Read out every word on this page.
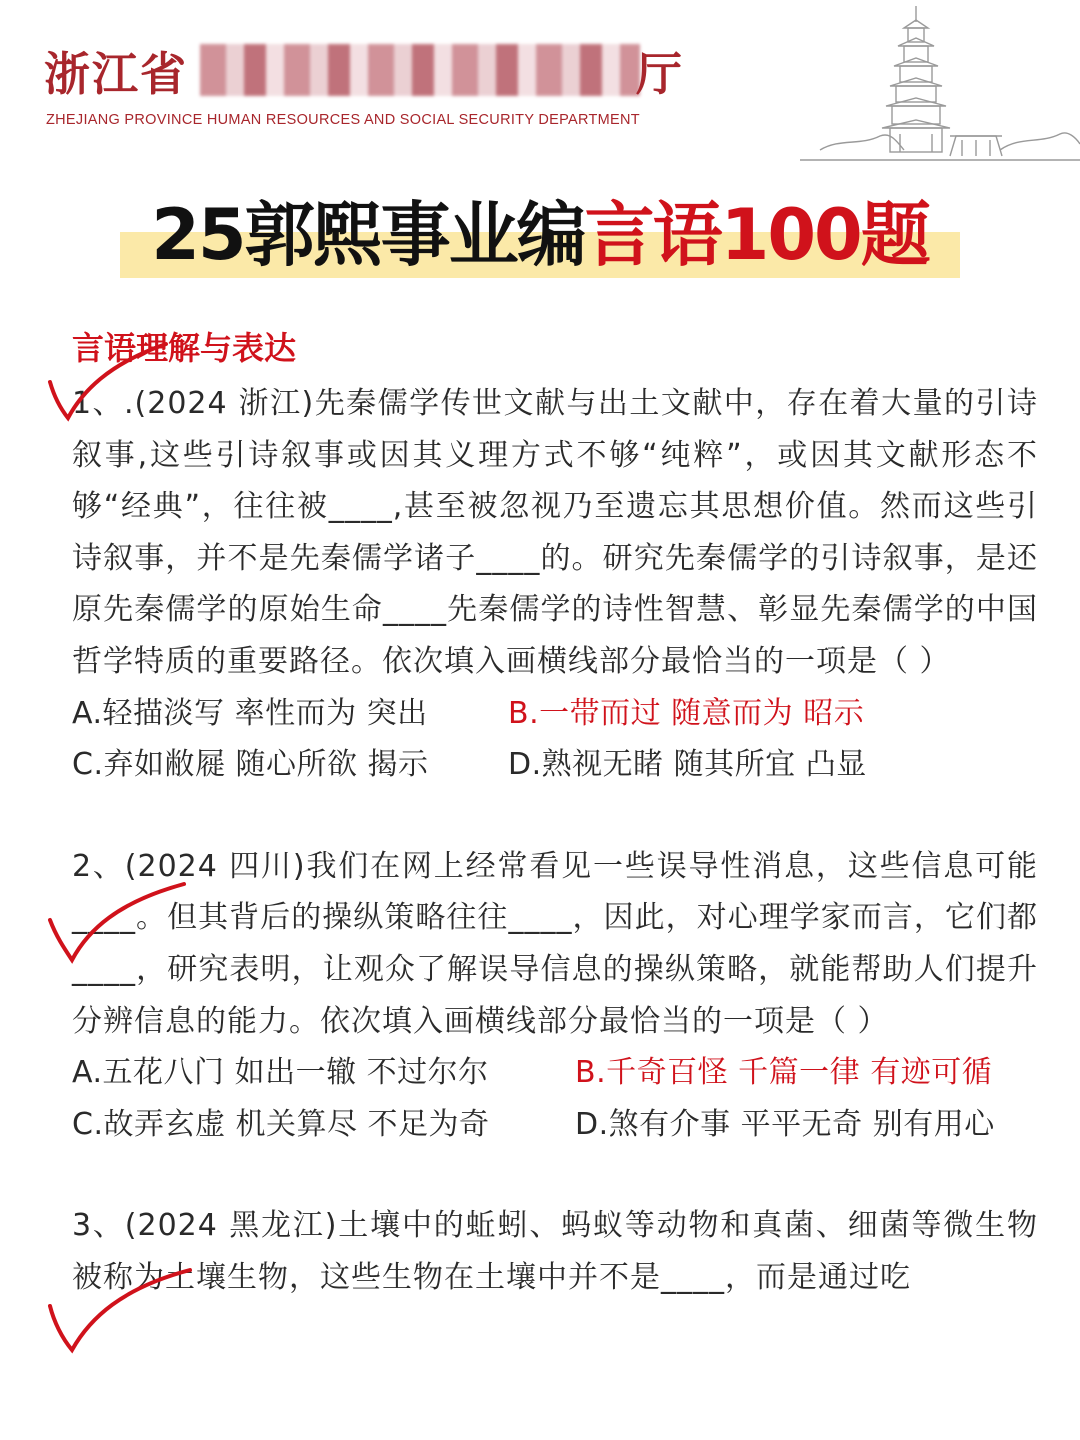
浙江省	厅
ZHEJIANG PROVINCE HUMAN RESOURCES AND SOCIAL SECURITY DEPARTMENT
25郭熙事业编言语100题
言语理解与表达
1、.(2024 浙江)先秦儒学传世文献与出土文献中，存在着大量的引诗叙事,这些引诗叙事或因其义理方式不够“纯粹”，或因其文献形态不够“经典”，往往被____,甚至被忽视乃至遗忘其思想价值。然而这些引诗叙事，并不是先秦儒学诸子____的。研究先秦儒学的引诗叙事，是还原先秦儒学的原始生命____先秦儒学的诗性智慧、彰显先秦儒学的中国哲学特质的重要路径。依次填入画横线部分最恰当的一项是（ ）
A.轻描淡写 率性而为 突出	B.一带而过 随意而为 昭示
C.弃如敝屣 随心所欲 揭示	D.熟视无睹 随其所宜 凸显
2、(2024 四川)我们在网上经常看见一些误导性消息，这些信息可能____。但其背后的操纵策略往往____，因此，对心理学家而言，它们都____，研究表明，让观众了解误导信息的操纵策略，就能帮助人们提升分辨信息的能力。依次填入画横线部分最恰当的一项是（ ）
A.五花八门 如出一辙 不过尔尔	B.千奇百怪 千篇一律 有迹可循
C.故弄玄虚 机关算尽 不足为奇	D.煞有介事 平平无奇 别有用心
3、(2024 黑龙江)土壤中的蚯蚓、蚂蚁等动物和真菌、细菌等微生物被称为土壤生物，这些生物在土壤中并不是____，而是通过吃
